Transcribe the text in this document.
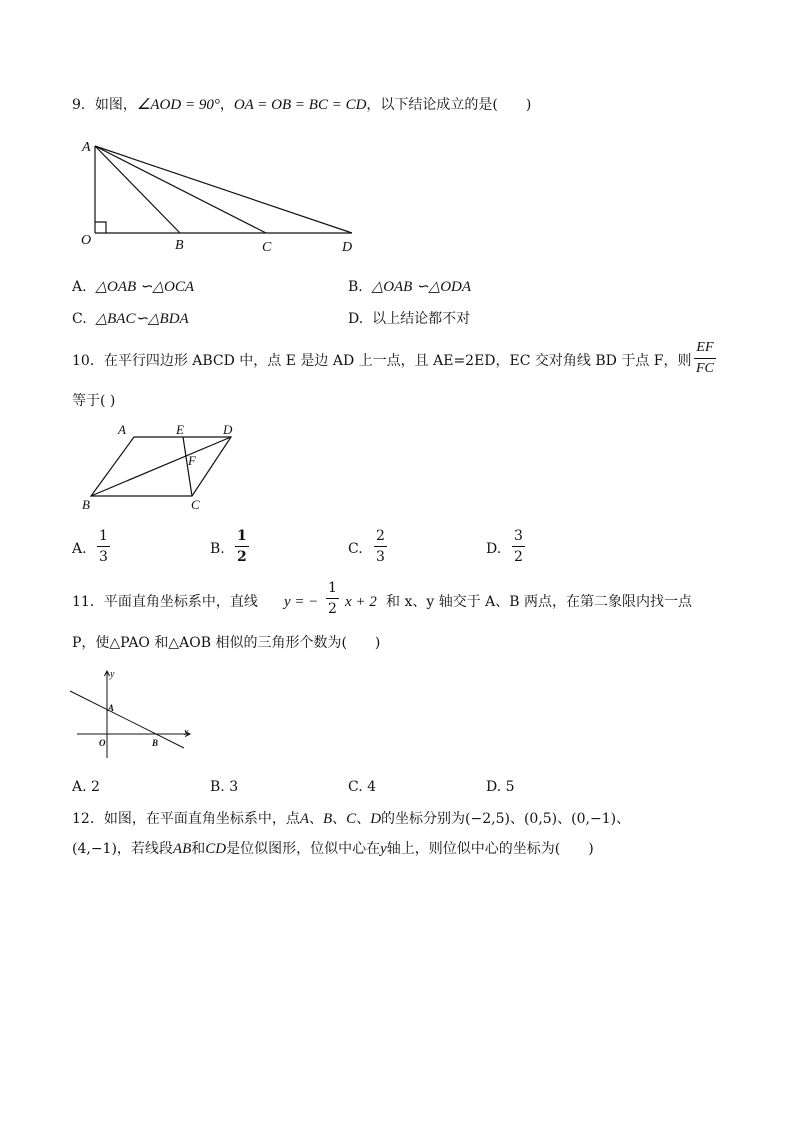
9．如图，∠AOD = 90°，OA = OB = BC = CD，以下结论成立的是(　　)
A
O	B	C	D
A. △OAB ∽△OCA	B. △OAB ∽△ODA
C. △BAC∽△BDA	D. 以上结论都不对
10．在平行四边形 ABCD 中，点 E 是边 AD 上一点，且 AE=2ED，EC 交对角线 BD 于点 F，则
EF
FC
等于( )
A	E	D
F
B	C
A.
1
3	B.
1
2	C.
2
3	D.
3
2
11．平面直角坐标系中，直线 y = −
1
2 x + 2 和 x、y 轴交于 A、B 两点，在第二象限内找一点
P，使△PAO 和△AOB 相似的三角形个数为(　　)
y
x
A
O	B
A. 2	B. 3	C. 4	D. 5
12．如图，在平面直角坐标系中，点A、B、C、D的坐标分别为(−2,5)、(0,5)、(0,−1)、
(4,−1)，若线段AB和CD是位似图形，位似中心在y轴上，则位似中心的坐标为(　　)
